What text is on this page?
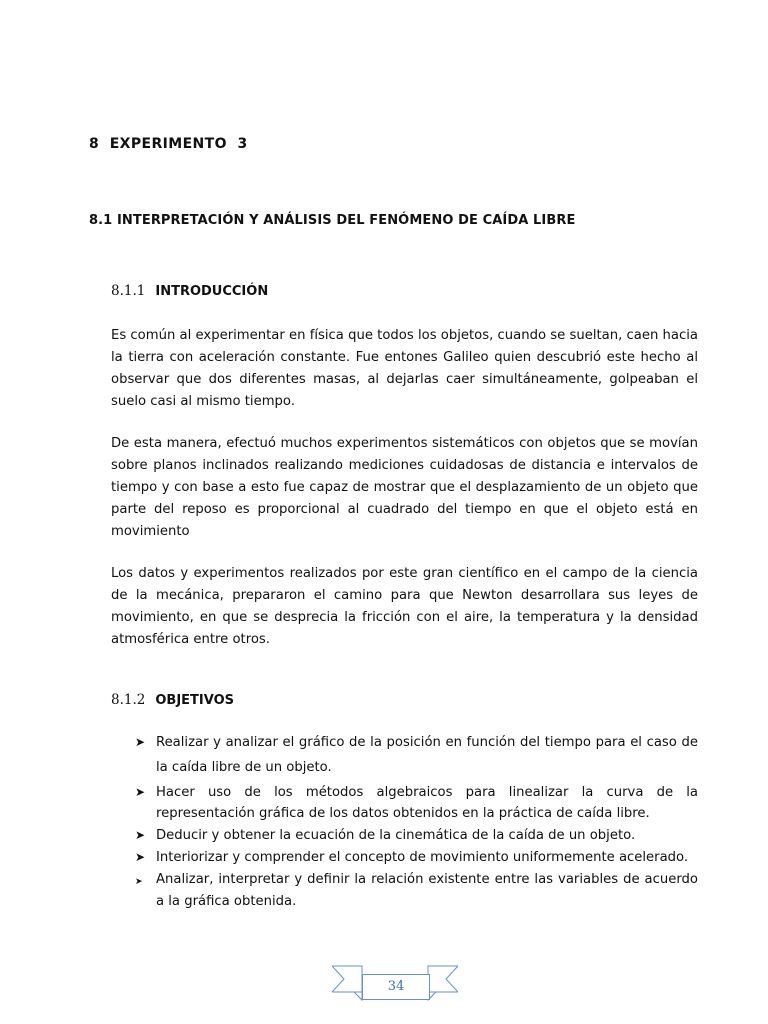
8  EXPERIMENTO  3
8.1 INTERPRETACIÓN Y ANÁLISIS DEL FENÓMENO DE CAÍDA LIBRE
8.1.1 INTRODUCCIÓN
Es común al experimentar en física que todos los objetos, cuando se sueltan, caen hacia la tierra con aceleración constante. Fue entones Galileo quien descubrió este hecho al observar que dos diferentes masas, al dejarlas caer simultáneamente, golpeaban el suelo casi al mismo tiempo.
De esta manera, efectuó muchos experimentos sistemáticos con objetos que se movían sobre planos inclinados realizando mediciones cuidadosas de distancia e intervalos de tiempo y con base a esto fue capaz de mostrar que el desplazamiento de un objeto que parte del reposo es proporcional al cuadrado del tiempo en que el objeto está en movimiento
Los datos y experimentos realizados por este gran científico en el campo de la ciencia de la mecánica, prepararon el camino para que Newton desarrollara sus leyes de movimiento, en que se desprecia la fricción con el aire, la temperatura y la densidad atmosférica entre otros.
8.1.2 OBJETIVOS
➤ Realizar y analizar el gráfico de la posición en función del tiempo para el caso de la caída libre de un objeto.
➤ Hacer uso de los métodos algebraicos para linealizar la curva de la representación gráfica de los datos obtenidos en la práctica de caída libre.
➤ Deducir y obtener la ecuación de la cinemática de la caída de un objeto.
➤ Interiorizar y comprender el concepto de movimiento uniformemente acelerado.
➤ Analizar, interpretar y definir la relación existente entre las variables de acuerdo a la gráfica obtenida.
34
